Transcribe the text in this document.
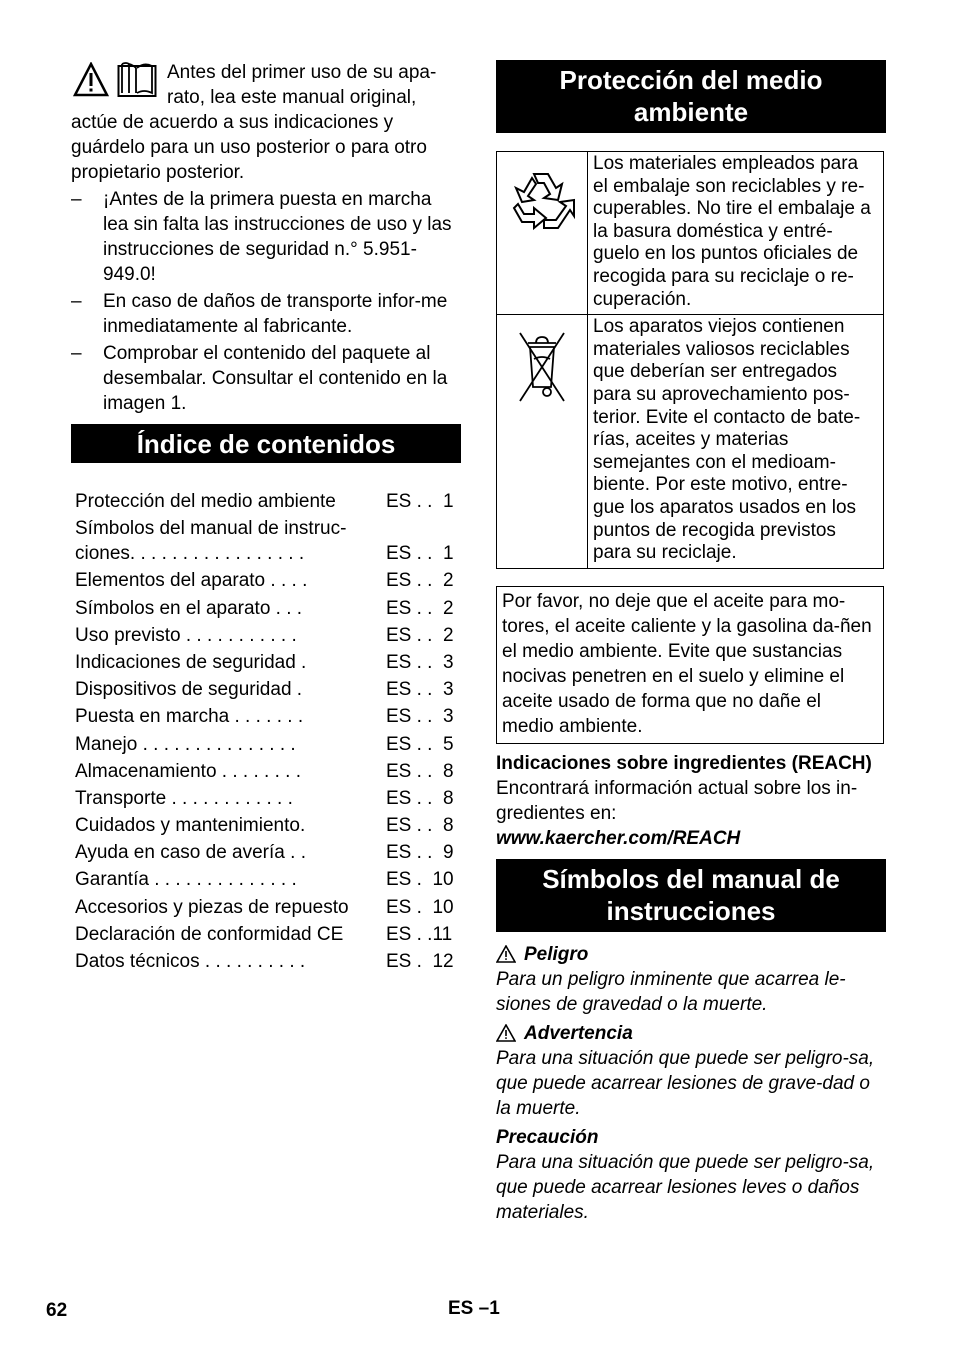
Antes del primer uso de su apa-
rato, lea este manual original,
actúe de acuerdo a sus indicaciones y guárdelo para un uso posterior o para otro propietario posterior.
– ¡Antes de la primera puesta en marcha lea sin falta las instrucciones de uso y las instrucciones de seguridad n.° 5.951-949.0!
– En caso de daños de transporte infor-me inmediatamente al fabricante.
– Comprobar el contenido del paquete al desembalar. Consultar el contenido en la imagen 1.
Índice de contenidos
Protección del medio ambiente	ES . .  1
Símbolos del manual de instruc-ciones. . . . . . . . . . . . . . . . .	ES . .  1
Elementos del aparato . . . .	ES . .  2
Símbolos en el aparato . . .	ES . .  2
Uso previsto . . . . . . . . . . .	ES . .  2
Indicaciones de seguridad .	ES . .  3
Dispositivos de seguridad .	ES . .  3
Puesta en marcha . . . . . . .	ES . .  3
Manejo . . . . . . . . . . . . . . .	ES . .  5
Almacenamiento . . . . . . . .	ES . .  8
Transporte . . . . . . . . . . . .	ES . .  8
Cuidados y mantenimiento.	ES . .  8
Ayuda en caso de avería . .	ES . .  9
Garantía . . . . . . . . . . . . . .	ES .  10
Accesorios y piezas de repuesto	ES .  10
Declaración de conformidad CE	ES . .11
Datos técnicos . . . . . . . . . .	ES .  12
Protección del medio ambiente
	Los materiales empleados para el embalaje son reciclables y re-cuperables. No tire el embalaje a la basura doméstica y entré-guelo en los puntos oficiales de recogida para su reciclaje o re-cuperación.
	Los aparatos viejos contienen materiales valiosos reciclables que deberían ser entregados para su aprovechamiento pos-terior. Evite el contacto de bate-rías, aceites y materias semejantes con el medioam-biente. Por este motivo, entre-gue los aparatos usados en los puntos de recogida previstos para su reciclaje.
Por favor, no deje que el aceite para mo-tores, el aceite caliente y la gasolina da-ñen el medio ambiente. Evite que sustancias nocivas penetren en el suelo y elimine el aceite usado de forma que no dañe el medio ambiente.
Indicaciones sobre ingredientes (REACH)
Encontrará información actual sobre los in-gredientes en:
www.kaercher.com/REACH
Símbolos del manual de instrucciones
Peligro
Para un peligro inminente que acarrea le-siones de gravedad o la muerte.
Advertencia
Para una situación que puede ser peligro-sa, que puede acarrear lesiones de grave-dad o la muerte.
Precaución
Para una situación que puede ser peligro-sa, que puede acarrear lesiones leves o daños materiales.
62	ES –1
